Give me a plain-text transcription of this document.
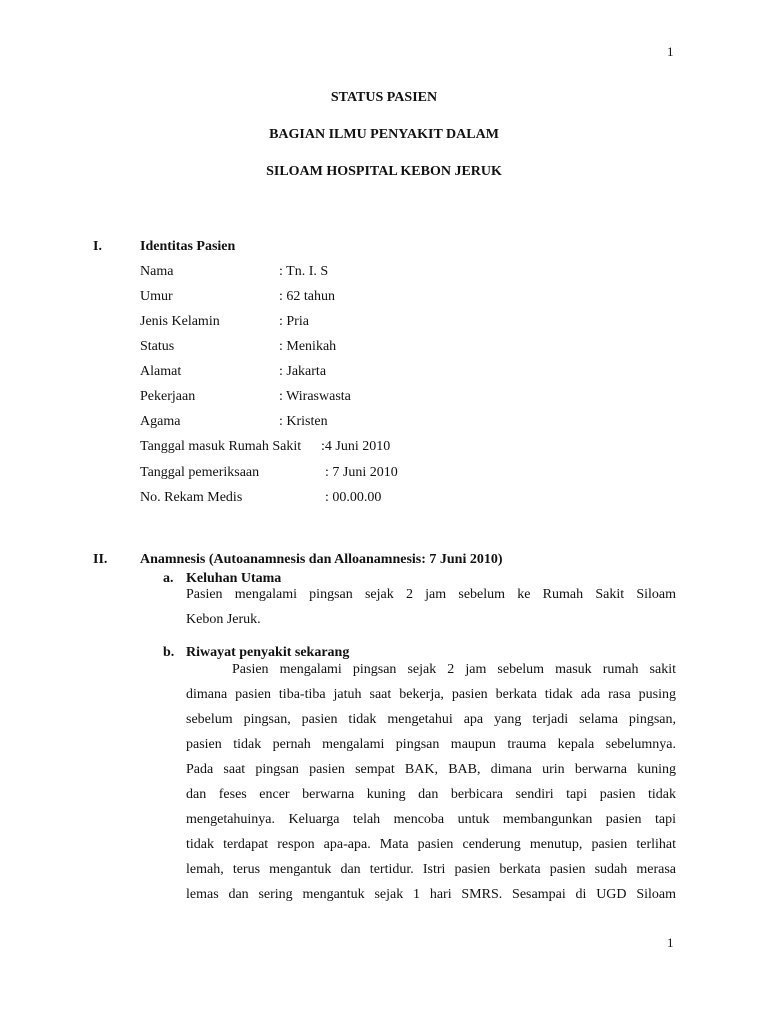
1
1
STATUS PASIEN
BAGIAN ILMU PENYAKIT DALAM
SILOAM HOSPITAL KEBON JERUK
I.	Identitas Pasien
Nama	: Tn. I. S
Umur	: 62 tahun
Jenis Kelamin	: Pria
Status	: Menikah
Alamat	: Jakarta
Pekerjaan	: Wiraswasta
Agama	: Kristen
Tanggal masuk Rumah Sakit :4 Juni 2010
Tanggal pemeriksaan	: 7 Juni 2010
No. Rekam Medis	: 00.00.00
II. Anamnesis (Autoanamnesis dan Alloanamnesis: 7 Juni 2010)
a. Keluhan Utama
Pasien mengalami pingsan sejak 2 jam sebelum ke Rumah Sakit Siloam
Kebon Jeruk.
b. Riwayat penyakit sekarang
Pasien mengalami pingsan sejak 2 jam sebelum masuk rumah sakit
dimana pasien tiba-tiba jatuh saat bekerja, pasien berkata tidak ada rasa pusing
sebelum pingsan, pasien tidak mengetahui apa yang terjadi selama pingsan,
pasien tidak pernah mengalami pingsan maupun trauma kepala sebelumnya.
Pada saat pingsan pasien sempat BAK, BAB, dimana urin berwarna kuning
dan feses encer berwarna kuning dan berbicara sendiri tapi pasien tidak
mengetahuinya. Keluarga telah mencoba untuk membangunkan pasien tapi
tidak terdapat respon apa-apa. Mata pasien cenderung menutup, pasien terlihat
lemah, terus mengantuk dan tertidur. Istri pasien berkata pasien sudah merasa
lemas dan sering mengantuk sejak 1 hari SMRS. Sesampai di UGD Siloam
